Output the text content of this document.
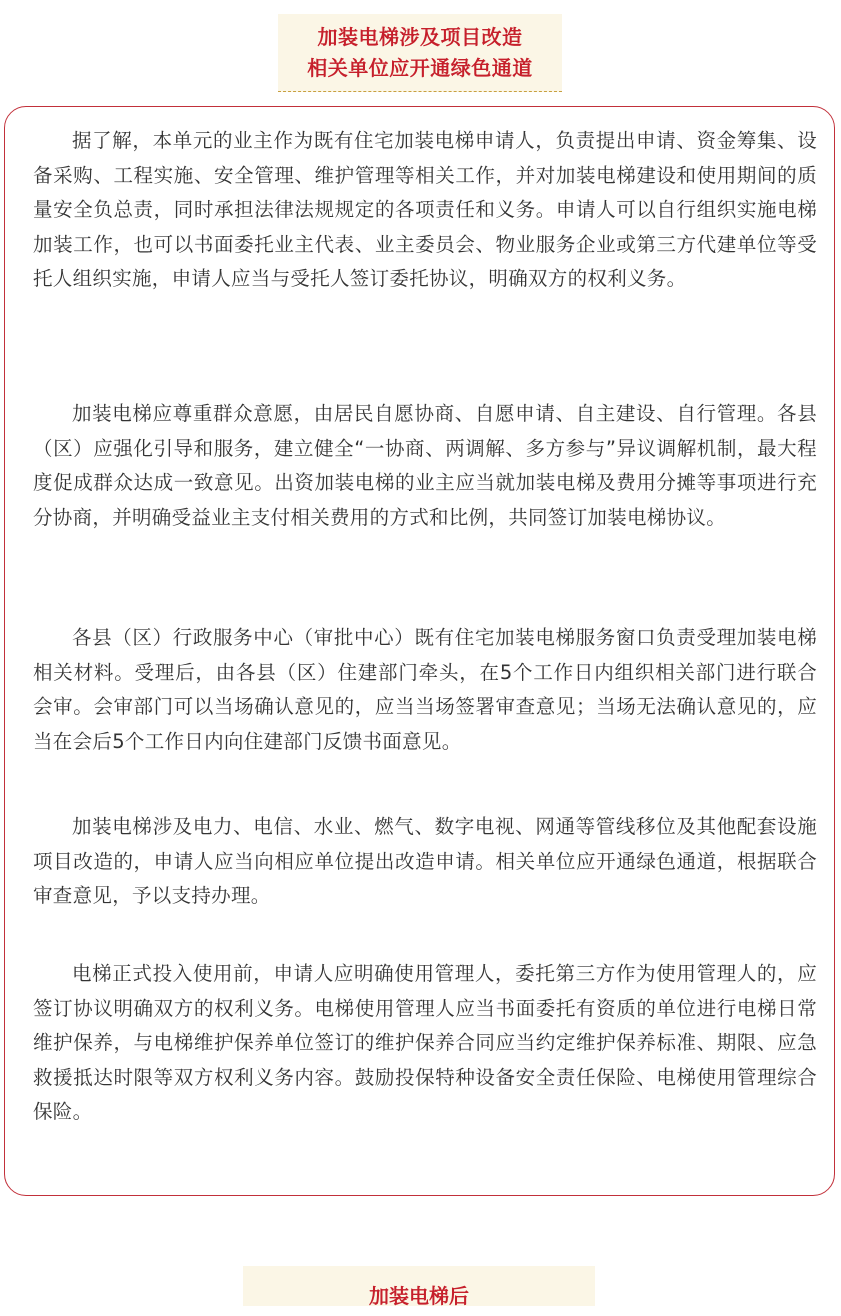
加装电梯涉及项目改造
相关单位应开通绿色通道

据了解，本单元的业主作为既有住宅加装电梯申请人，负责提出申请、资金筹集、设备采购、工程实施、安全管理、维护管理等相关工作，并对加装电梯建设和使用期间的质量安全负总责，同时承担法律法规规定的各项责任和义务。申请人可以自行组织实施电梯加装工作，也可以书面委托业主代表、业主委员会、物业服务企业或第三方代建单位等受托人组织实施，申请人应当与受托人签订委托协议，明确双方的权利义务。

加装电梯应尊重群众意愿，由居民自愿协商、自愿申请、自主建设、自行管理。各县（区）应强化引导和服务，建立健全“一协商、两调解、多方参与”异议调解机制，最大程度促成群众达成一致意见。出资加装电梯的业主应当就加装电梯及费用分摊等事项进行充分协商，并明确受益业主支付相关费用的方式和比例，共同签订加装电梯协议。

各县（区）行政服务中心（审批中心）既有住宅加装电梯服务窗口负责受理加装电梯相关材料。受理后，由各县（区）住建部门牵头，在5个工作日内组织相关部门进行联合会审。会审部门可以当场确认意见的，应当当场签署审查意见；当场无法确认意见的，应当在会后5个工作日内向住建部门反馈书面意见。

加装电梯涉及电力、电信、水业、燃气、数字电视、网通等管线移位及其他配套设施项目改造的，申请人应当向相应单位提出改造申请。相关单位应开通绿色通道，根据联合审查意见，予以支持办理。

电梯正式投入使用前，申请人应明确使用管理人，委托第三方作为使用管理人的，应签订协议明确双方的权利义务。电梯使用管理人应当书面委托有资质的单位进行电梯日常维护保养，与电梯维护保养单位签订的维护保养合同应当约定维护保养标准、期限、应急救援抵达时限等双方权利义务内容。鼓励投保特种设备安全责任保险、电梯使用管理综合保险。

加装电梯后
